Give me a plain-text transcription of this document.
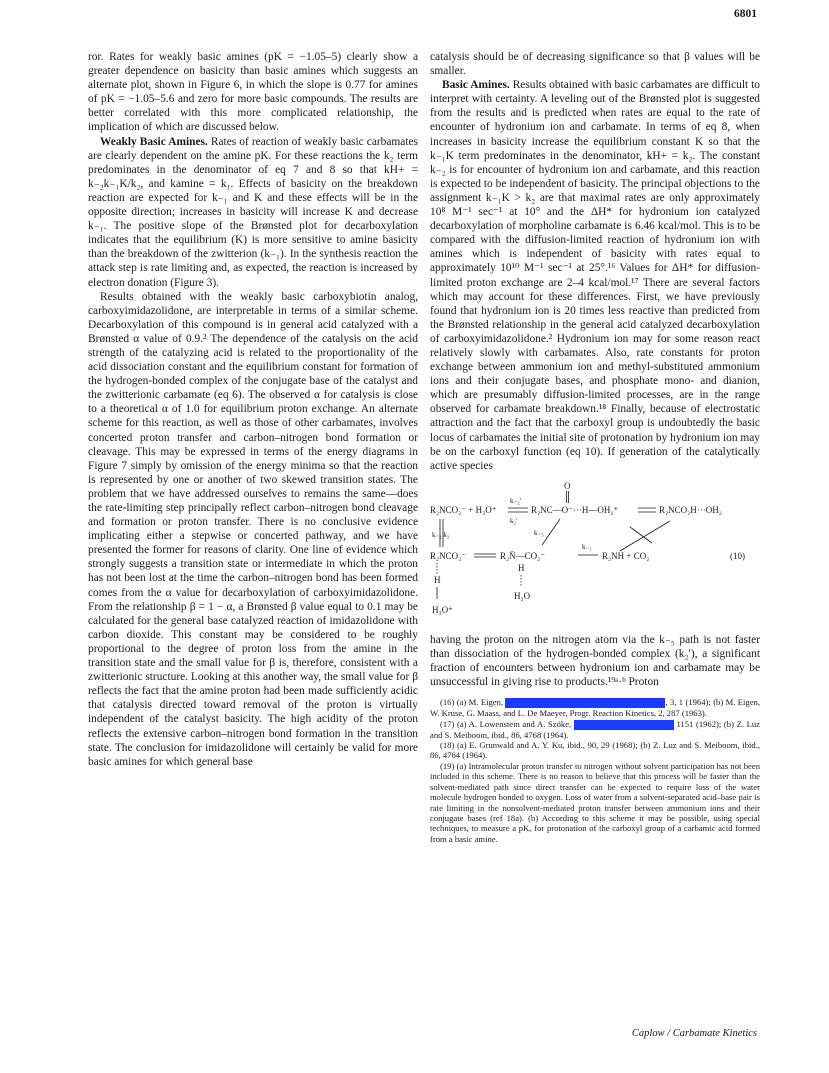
6801

ror. Rates for weakly basic amines (pK = −1.05–5) clearly show a greater dependence on basicity than basic amines which suggests an alternate plot, shown in Figure 6, in which the slope is 0.77 for amines of pK = −1.05–5.6 and zero for more basic compounds. The results are better correlated with this more complicated relationship, the implication of which are discussed below.

Weakly Basic Amines. Rates of reaction of weakly basic carbamates are clearly dependent on the amine pK. For these reactions the k₂ term predominates in the denominator of eq 7 and 8 so that kH+ = k₋₂k₋₁K/k₂, and kamine = k₁. Effects of basicity on the breakdown reaction are expected for k₋₁ and K and these effects will be in the opposite direction; increases in basicity will increase K and decrease k₋₁. The positive slope of the Brønsted plot for decarboxylation indicates that the equilibrium (K) is more sensitive to amine basicity than the breakdown of the zwitterion (k₋₁). In the synthesis reaction the attack step is rate limiting and, as expected, the reaction is increased by electron donation (Figure 3).

Results obtained with the weakly basic carboxybiotin analog, carboxyimidazolidone, are interpretable in terms of a similar scheme. Decarboxylation of this compound is in general acid catalyzed with a Brønsted α value of 0.9.² The dependence of the catalysis on the acid strength of the catalyzing acid is related to the proportionality of the acid dissociation constant and the equilibrium constant for formation of the hydrogen-bonded complex of the conjugate base of the catalyst and the zwitterionic carbamate (eq 6). The observed α for catalysis is close to a theoretical α of 1.0 for equilibrium proton exchange. An alternate scheme for this reaction, as well as those of other carbamates, involves concerted proton transfer and carbon–nitrogen bond formation or cleavage. This may be expressed in terms of the energy diagrams in Figure 7 simply by omission of the energy minima so that the reaction is represented by one or another of two skewed transition states. The problem that we have addressed ourselves to remains the same—does the rate-limiting step principally reflect carbon–nitrogen bond cleavage and formation or proton transfer. There is no conclusive evidence implicating either a stepwise or concerted pathway, and we have presented the former for reasons of clarity. One line of evidence which strongly suggests a transition state or intermediate in which the proton has not been lost at the time the carbon–nitrogen bond has been formed comes from the α value for decarboxylation of carboxyimidazolidone. From the relationship β = 1 − α, a Brønsted β value equal to 0.1 may be calculated for the general base catalyzed reaction of imidazolidone with carbon dioxide. This constant may be considered to be roughly proportional to the degree of proton loss from the amine in the transition state and the small value for β is, therefore, consistent with a zwitterionic structure. Looking at this another way, the small value for β reflects the fact that the amine proton had been made sufficiently acidic that catalysis directed toward removal of the proton is virtually independent of the catalyst basicity. The high acidity of the proton reflects the extensive carbon–nitrogen bond formation in the transition state. The conclusion for imidazolidone will certainly be valid for more basic amines for which general base

catalysis should be of decreasing significance so that β values will be smaller.

Basic Amines. Results obtained with basic carbamates are difficult to interpret with certainty. A leveling out of the Brønsted plot is suggested from the results and is predicted when rates are equal to the rate of encounter of hydronium ion and carbamate. In terms of eq 8, when increases in basicity increase the equilibrium constant K so that the k₋₁K term predominates in the denominator, kH+ = k₂. The constant k₋₂ is for encounter of hydronium ion and carbamate, and this reaction is expected to be independent of basicity. The principal objections to the assignment k₋₁K > k₂ are that maximal rates are only approximately 10⁸ M⁻¹ sec⁻¹ at 10° and the ΔH* for hydronium ion catalyzed decarboxylation of morpholine carbamate is 6.46 kcal/mol. This is to be compared with the diffusion-limited reaction of hydronium ion with amines which is independent of basicity with rates equal to approximately 10¹⁰ M⁻¹ sec⁻¹ at 25°.¹⁶ Values for ΔH* for diffusion-limited proton exchange are 2–4 kcal/mol.¹⁷ There are several factors which may account for these differences. First, we have previously found that hydronium ion is 20 times less reactive than predicted from the Brønsted relationship in the general acid catalyzed decarboxylation of carboxyimidazolidone.² Hydronium ion may for some reason react relatively slowly with carbamates. Also, rate constants for proton exchange between ammonium ion and methyl-substituted ammonium ions and their conjugate bases, and phosphate mono- and dianion, which are presumably diffusion-limited processes, are in the range observed for carbamate breakdown.¹⁸ Finally, because of electrostatic attraction and the fact that the carboxyl group is undoubtedly the basic locus of carbamates the initial site of protonation by hydronium ion may be on the carboxyl function (eq 10). If generation of the catalytically active species

O
R₂NCO₂⁻ + H₃O⁺
k₋₂′
k₂′
R₂NC—O⁻···H—OH₂⁺	R₂NCO₂H···OH₂
k₋₂ k₂	k₋₅
R₂NCO₂⁻	R₂N̄—CO₂⁻
k₋₁
R₂NH + CO₂	(10)
H
H₃O⁺
H
H₂O

having the proton on the nitrogen atom via the k₋₅ path is not faster than dissociation of the hydrogen-bonded complex (k₂′), a significant fraction of encounters between hydronium ion and carbamate may be unsuccessful in giving rise to products.¹⁹ᵃ·ᵇ Proton

(16) (a) M. Eigen,	, 3, 1 (1964); (b) M. Eigen, W. Kruse, G. Maass, and L. De Maeyer, Progr. Reaction Kinetics, 2, 287 (1963).

(17) (a) A. Lowenstein and A. Szöke,	1151 (1962); (b) Z. Luz and S. Meiboom, ibid., 86, 4768 (1964).

(18) (a) E. Grunwald and A. Y. Ku, ibid., 90, 29 (1968); (b) Z. Luz and S. Meiboom, ibid., 86, 4764 (1964).

(19) (a) Intramolecular proton transfer to nitrogen without solvent participation has not been included in this scheme. There is no reason to believe that this process will be faster than the solvent-mediated path since direct transfer can be expected to require loss of the water molecule hydrogen bonded to oxygen. Loss of water from a solvent-separated acid–base pair is rate limiting in the nonsolvent-mediated proton transfer between ammonium ions and their conjugate bases (ref 18a). (b) According to this scheme it may be possible, using special techniques, to measure a pKₐ for protonation of the carboxyl group of a carbamic acid formed from a basic amine.

Caplow / Carbamate Kinetics
